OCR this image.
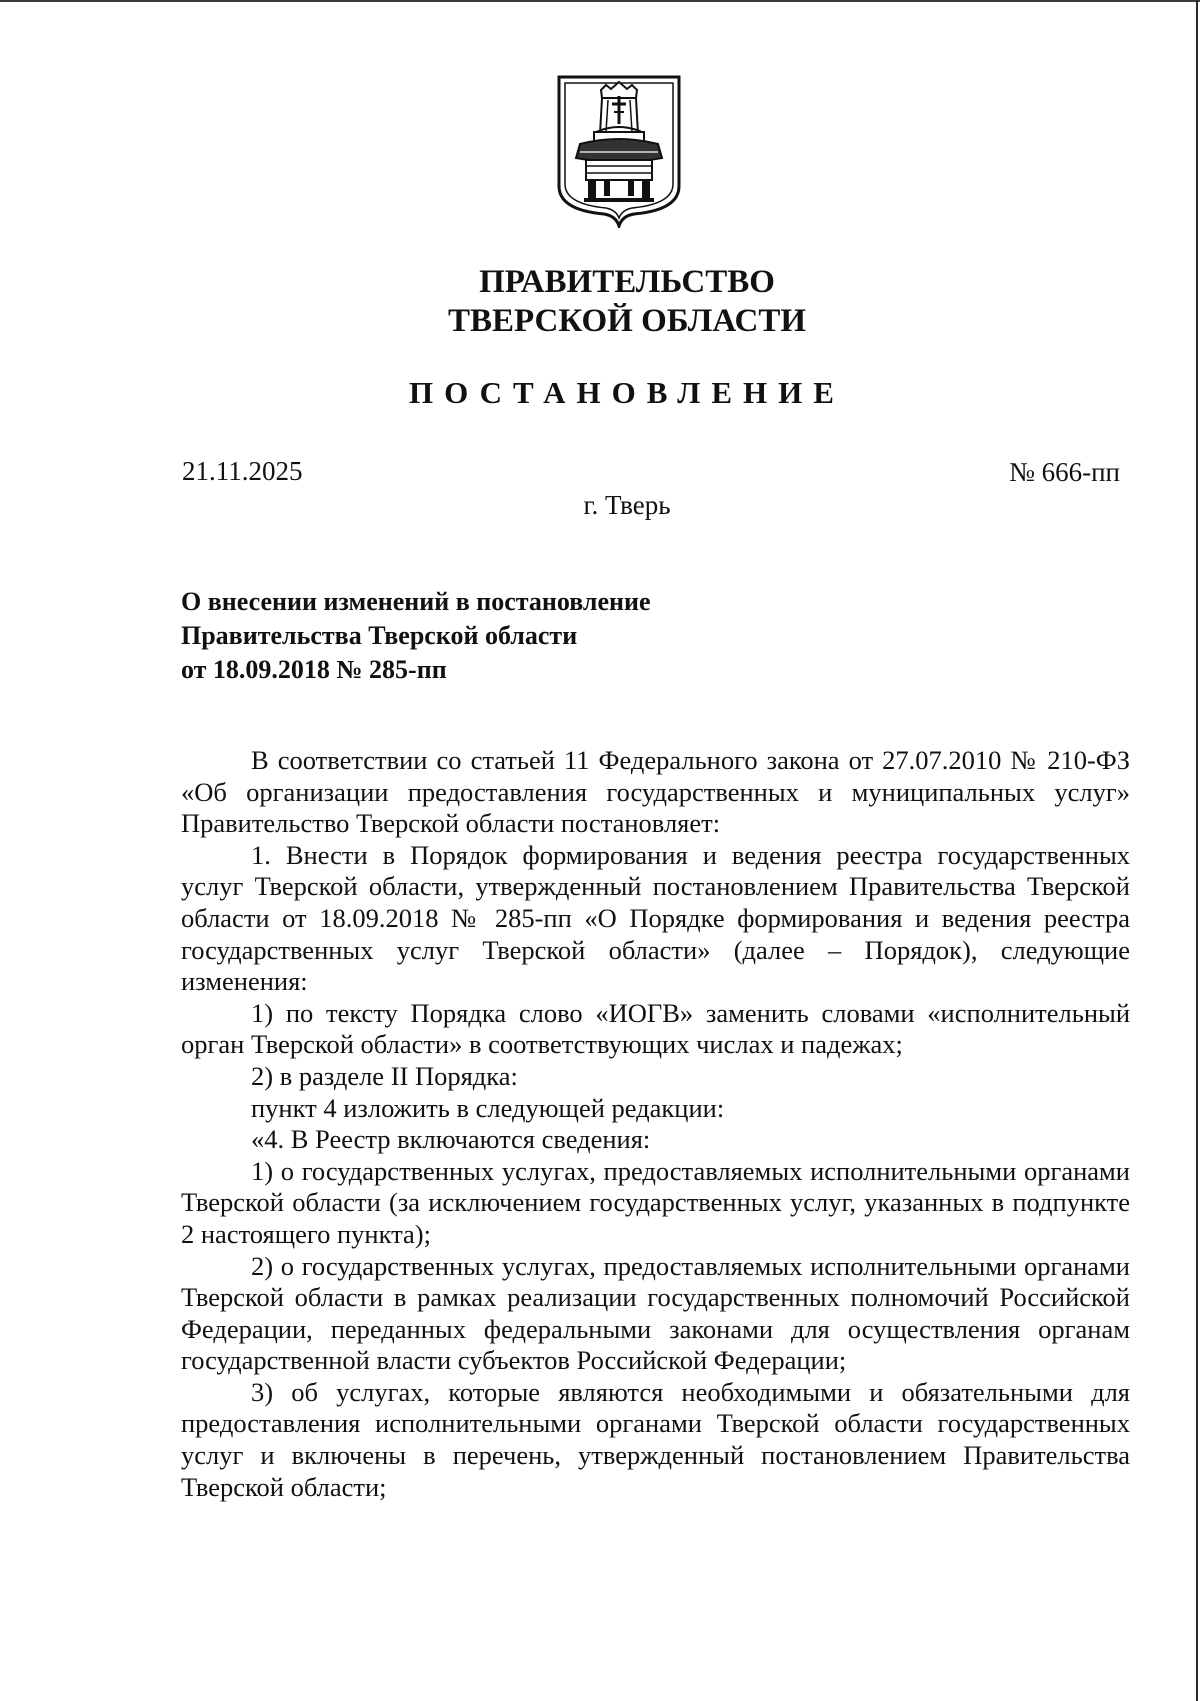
ПРАВИТЕЛЬСТВО
ТВЕРСКОЙ ОБЛАСТИ
ПОСТАНОВЛЕНИЕ
21.11.2025	№ 666-пп
г. Тверь
О внесении изменений в постановление
Правительства Тверской области
от 18.09.2018 № 285-пп

В соответствии со статьей 11 Федерального закона от 27.07.2010 № 210-ФЗ «Об организации предоставления государственных и муниципальных услуг» Правительство Тверской области постановляет:

1. Внести в Порядок формирования и ведения реестра государственных услуг Тверской области, утвержденный постановлением Правительства Тверской области от 18.09.2018 № 285-пп «О Порядке формирования и ведения реестра государственных услуг Тверской области» (далее – Порядок), следующие изменения:

1) по тексту Порядка слово «ИОГВ» заменить словами «исполнительный орган Тверской области» в соответствующих числах и падежах;

2) в разделе II Порядка:

пункт 4 изложить в следующей редакции:

«4. В Реестр включаются сведения:

1) о государственных услугах, предоставляемых исполнительными органами Тверской области (за исключением государственных услуг, указанных в подпункте 2 настоящего пункта);

2) о государственных услугах, предоставляемых исполнительными органами Тверской области в рамках реализации государственных полномочий Российской Федерации, переданных федеральными законами для осуществления органам государственной власти субъектов Российской Федерации;

3) об услугах, которые являются необходимыми и обязательными для предоставления исполнительными органами Тверской области государственных услуг и включены в перечень, утвержденный постановлением Правительства Тверской области;
